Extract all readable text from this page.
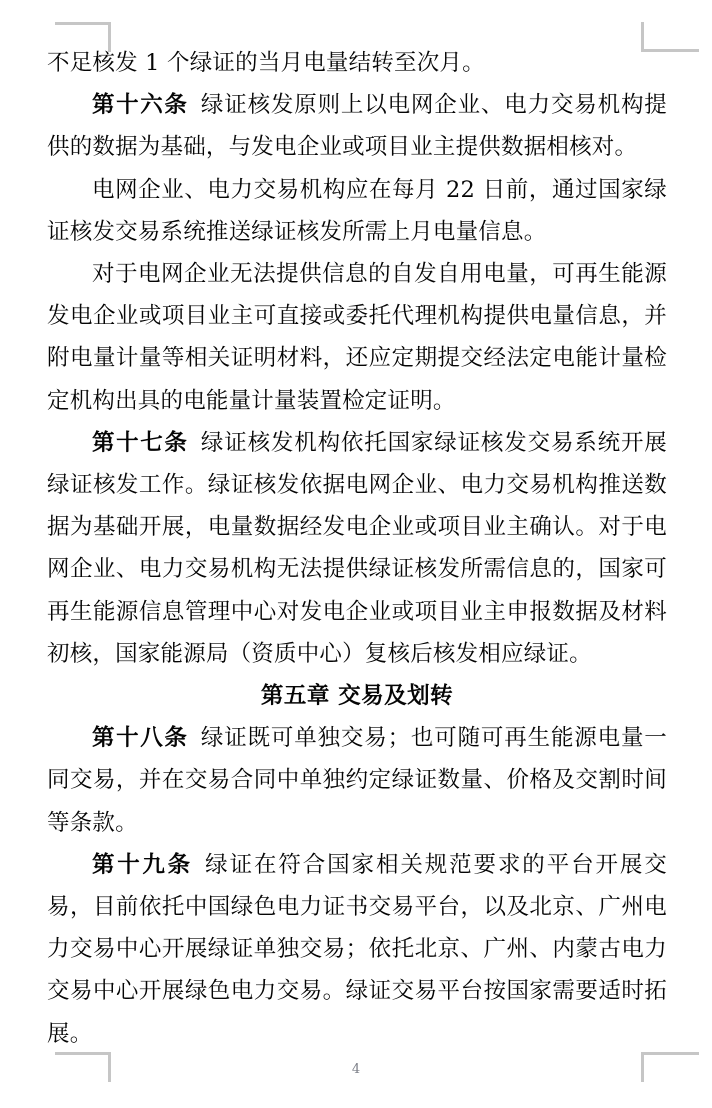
不足核发 1 个绿证的当月电量结转至次月。

第十六条 绿证核发原则上以电网企业、电力交易机构提供的数据为基础，与发电企业或项目业主提供数据相核对。

电网企业、电力交易机构应在每月 22 日前，通过国家绿证核发交易系统推送绿证核发所需上月电量信息。

对于电网企业无法提供信息的自发自用电量，可再生能源发电企业或项目业主可直接或委托代理机构提供电量信息，并附电量计量等相关证明材料，还应定期提交经法定电能计量检定机构出具的电能量计量装置检定证明。

第十七条 绿证核发机构依托国家绿证核发交易系统开展绿证核发工作。绿证核发依据电网企业、电力交易机构推送数据为基础开展，电量数据经发电企业或项目业主确认。对于电网企业、电力交易机构无法提供绿证核发所需信息的，国家可再生能源信息管理中心对发电企业或项目业主申报数据及材料初核，国家能源局（资质中心）复核后核发相应绿证。

第五章 交易及划转

第十八条 绿证既可单独交易；也可随可再生能源电量一同交易，并在交易合同中单独约定绿证数量、价格及交割时间等条款。

第十九条 绿证在符合国家相关规范要求的平台开展交易，目前依托中国绿色电力证书交易平台，以及北京、广州电力交易中心开展绿证单独交易；依托北京、广州、内蒙古电力交易中心开展绿色电力交易。绿证交易平台按国家需要适时拓展。

4
